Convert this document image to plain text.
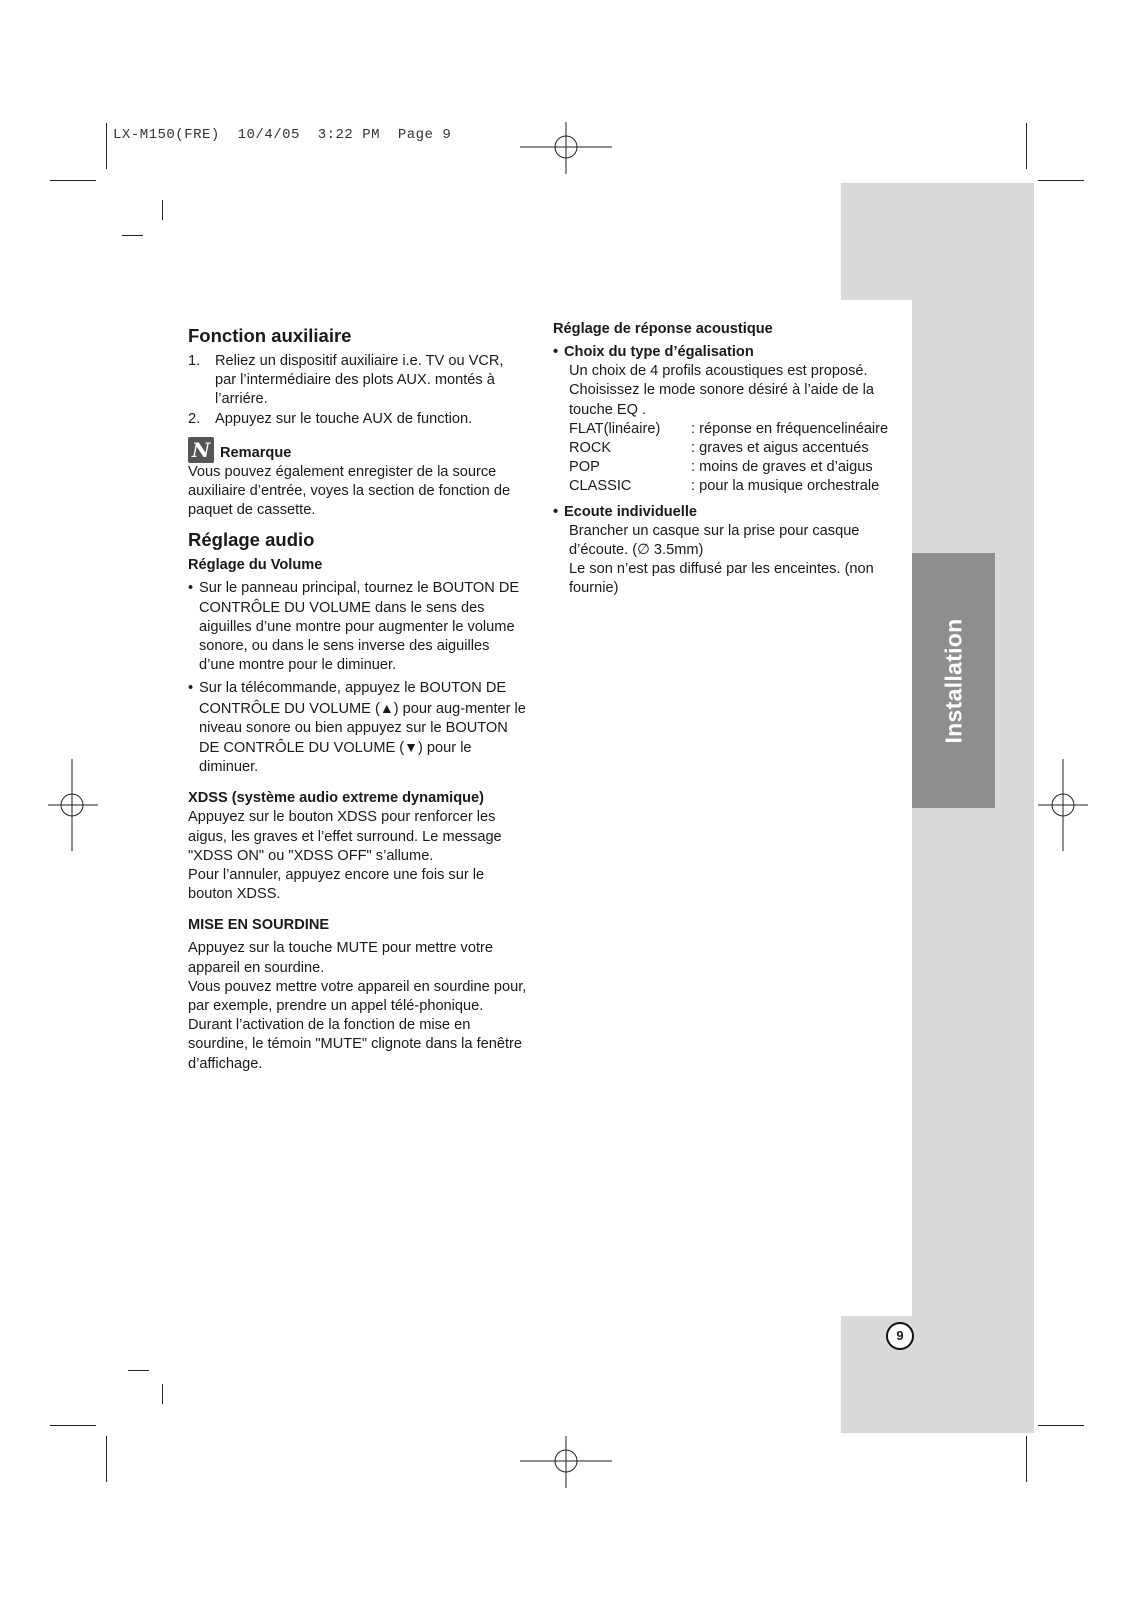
LX-M150(FRE)  10/4/05  3:22 PM  Page 9
Installation
9
Fonction auxiliaire
1.	Reliez un dispositif auxiliaire i.e. TV ou VCR, par l’intermédiaire des plots AUX. montés à l’arriére.
2.	Appuyez sur le touche AUX de function.
N Remarque

Vous pouvez également enregister de la source auxiliaire d’entrée, voyes la section de fonction de paquet de cassette.

Réglage audio
Réglage du Volume
• Sur le panneau principal, tournez le BOUTON DE CONTRÔLE DU VOLUME dans le sens des aiguilles d’une montre pour augmenter le volume sonore, ou dans le sens inverse des aiguilles d’une montre pour le diminuer.
• Sur la télécommande, appuyez le BOUTON DE CONTRÔLE DU VOLUME (▲) pour aug-menter le niveau sonore ou bien appuyez sur le BOUTON DE CONTRÔLE DU VOLUME (▼) pour le diminuer.
XDSS (système audio extreme dynamique)

Appuyez sur le bouton XDSS pour renforcer les aigus, les graves et l’effet surround. Le message "XDSS ON" ou "XDSS OFF" s’allume.

Pour l’annuler, appuyez encore une fois sur le bouton XDSS.

MISE EN SOURDINE

Appuyez sur la touche MUTE pour mettre votre appareil en sourdine.

Vous pouvez mettre votre appareil en sourdine pour, par exemple, prendre un appel télé-phonique. Durant l’activation de la fonction de mise en sourdine, le témoin "MUTE" clignote dans la fenêtre d’affichage.

Réglage de réponse acoustique
• Choix du type d’égalisation

Un choix de 4 profils acoustiques est proposé. Choisissez le mode sonore désiré à l’aide de la touche EQ .

FLAT(linéaire)	: réponse en fréquencelinéaire
ROCK	: graves et aigus accentués
POP	: moins de graves et d’aigus
CLASSIC	: pour la musique orchestrale
• Ecoute individuelle

Brancher un casque sur la prise pour casque d’écoute. (∅ 3.5mm)

Le son n’est pas diffusé par les enceintes. (non fournie)
